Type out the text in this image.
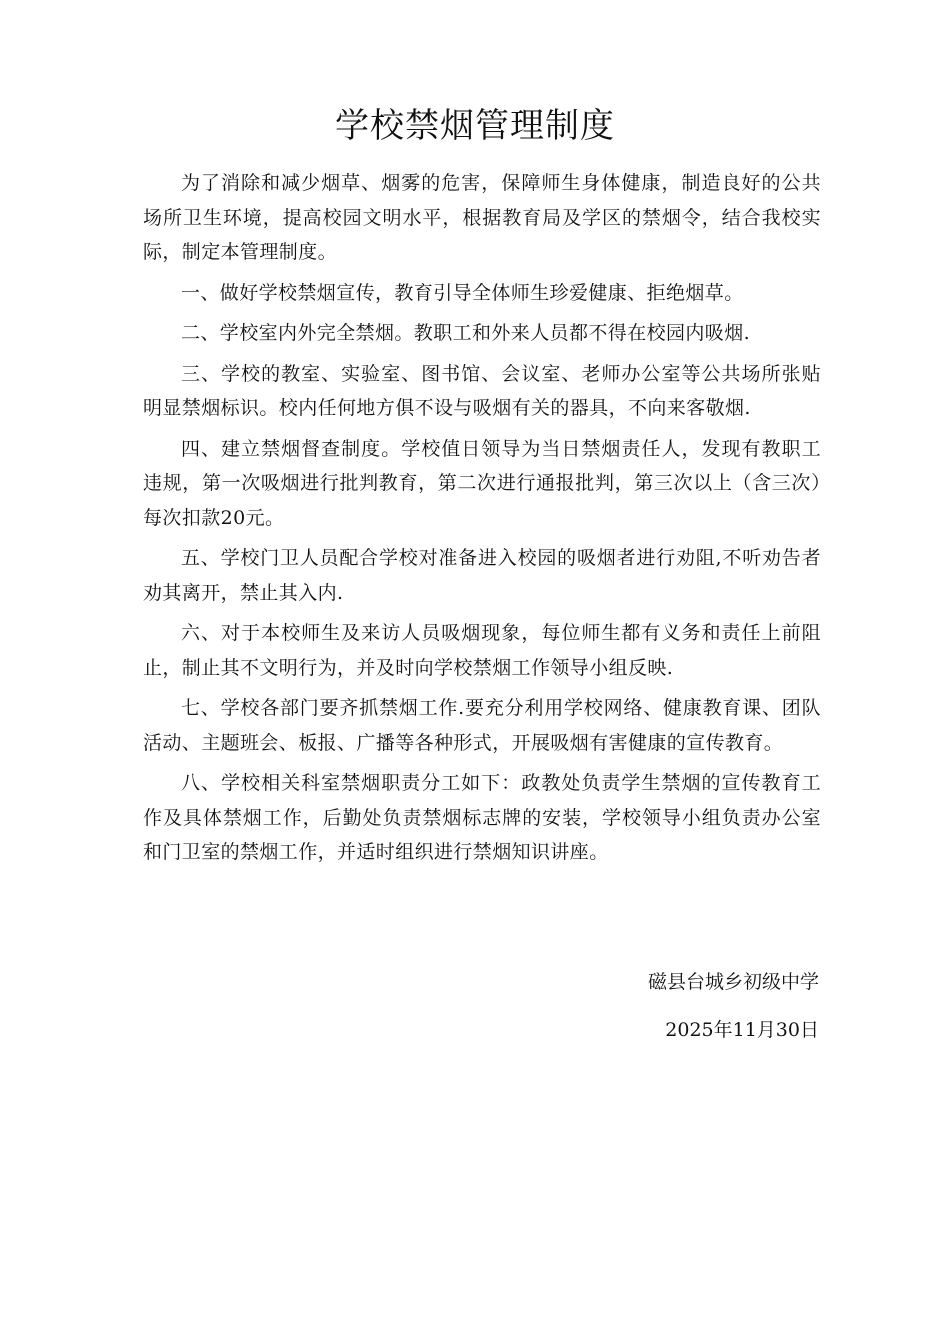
学校禁烟管理制度

为了消除和减少烟草、烟雾的危害，保障师生身体健康，制造良好的公共场所卫生环境，提高校园文明水平，根据教育局及学区的禁烟令，结合我校实际，制定本管理制度。

一、做好学校禁烟宣传，教育引导全体师生珍爱健康、拒绝烟草。

二、学校室内外完全禁烟。教职工和外来人员都不得在校园内吸烟.

三、学校的教室、实验室、图书馆、会议室、老师办公室等公共场所张贴明显禁烟标识。校内任何地方俱不设与吸烟有关的器具，不向来客敬烟.

四、建立禁烟督查制度。学校值日领导为当日禁烟责任人，发现有教职工违规，第一次吸烟进行批判教育，第二次进行通报批判，第三次以上（含三次）每次扣款20元。

五、学校门卫人员配合学校对准备进入校园的吸烟者进行劝阻,不听劝告者劝其离开，禁止其入内.

六、对于本校师生及来访人员吸烟现象，每位师生都有义务和责任上前阻止，制止其不文明行为，并及时向学校禁烟工作领导小组反映.

七、学校各部门要齐抓禁烟工作.要充分利用学校网络、健康教育课、团队活动、主题班会、板报、广播等各种形式，开展吸烟有害健康的宣传教育。

八、学校相关科室禁烟职责分工如下：政教处负责学生禁烟的宣传教育工作及具体禁烟工作，后勤处负责禁烟标志牌的安装，学校领导小组负责办公室和门卫室的禁烟工作，并适时组织进行禁烟知识讲座。

磁县台城乡初级中学

2025年11月30日
